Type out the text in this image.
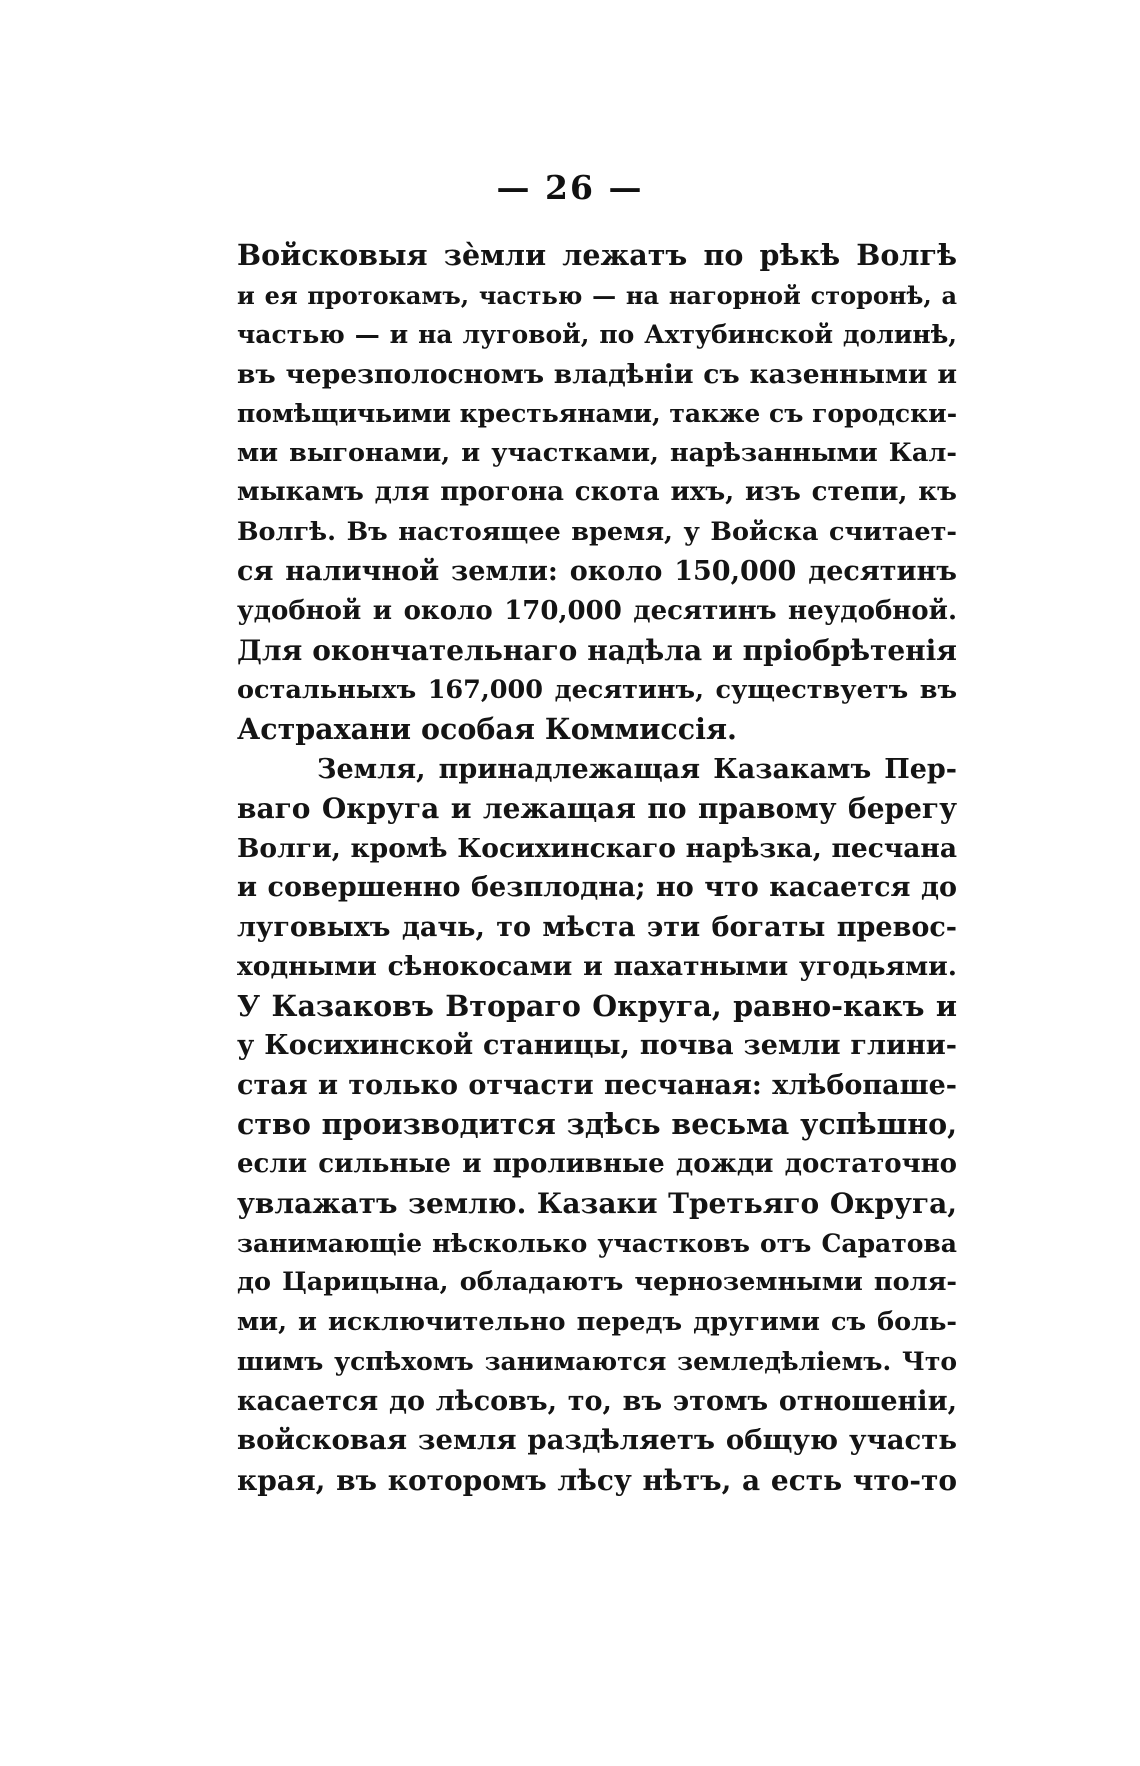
— 26 —
Войсковыя зѐмли лежатъ по рѣкѣ Волгѣ
и ея протокамъ, частью — на нагорной сторонѣ, а
частью — и на луговой, по Ахтубинской долинѣ,
въ черезполосномъ владѣніи съ казенными и
помѣщичьими крестьянами, также съ городски-
ми выгонами, и участками, нарѣзанными Кал-
мыкамъ для прогона скота ихъ, изъ степи, къ
Волгѣ. Въ настоящее время, у Войска считает-
ся наличной земли: около 150,000 десятинъ
удобной и около 170,000 десятинъ неудобной.
Для окончательнаго надѣла и пріобрѣтенія
остальныхъ 167,000 десятинъ, существуетъ въ
Астрахани особая Коммиссія.
Земля, принадлежащая Казакамъ Пер-
ваго Округа и лежащая по правому берегу
Волги, кромѣ Косихинскаго нарѣзка, песчана
и совершенно безплодна; но что касается до
луговыхъ дачь, то мѣста эти богаты превос-
ходными сѣнокосами и пахатными угодьями.
У Казаковъ Втораго Округа, равно-какъ и
у Косихинской станицы, почва земли глини-
стая и только отчасти песчаная: хлѣбопаше-
ство производится здѣсь весьма успѣшно,
если сильные и проливные дожди достаточно
увлажатъ землю. Казаки Третьяго Округа,
занимающіе нѣсколько участковъ отъ Саратова
до Царицына, обладаютъ черноземными поля-
ми, и исключительно передъ другими съ боль-
шимъ успѣхомъ занимаются земледѣліемъ. Что
касается до лѣсовъ, то, въ этомъ отношеніи,
войсковая земля раздѣляетъ общую участь
края, въ которомъ лѣсу нѣтъ, а есть что-то
